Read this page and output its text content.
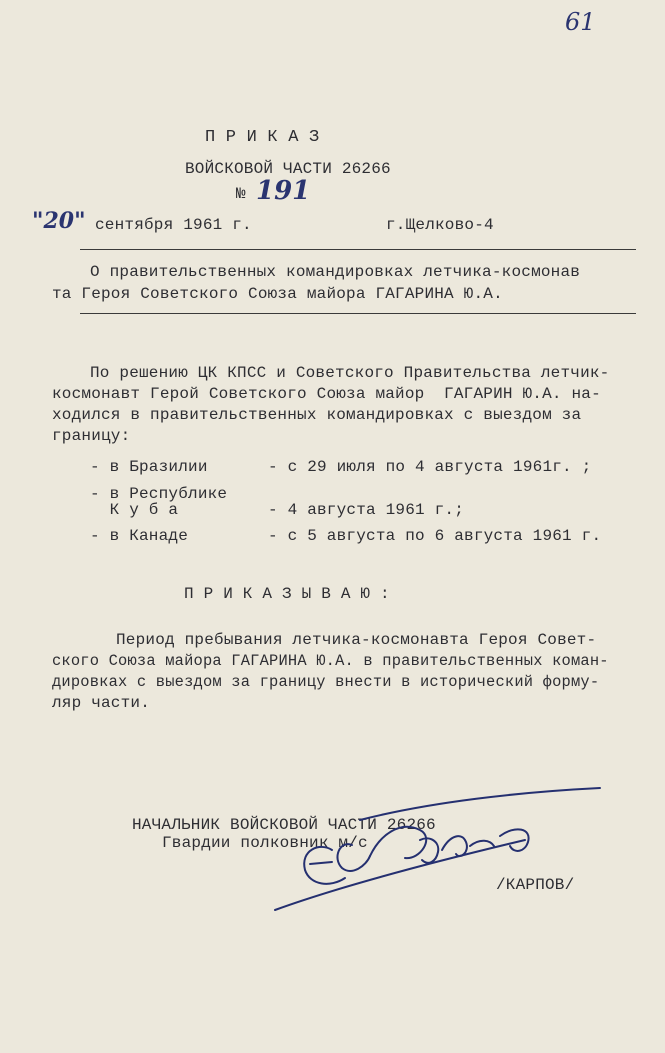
61
П Р И К А З
ВОЙСКОВОЙ ЧАСТИ 26266
№ 191
"20" сентября 1961 г.	г.Щелково-4
О правительственных командировках летчика-космонав
та Героя Советского Союза майора ГАГАРИНА Ю.А.
По решению ЦК КПСС и Советского Правительства летчик-
космонавт Герой Советского Союза майор  ГАГАРИН Ю.А. на-
ходился в правительственных командировках с выездом за
границу:
- в Бразилии	- с 29 июля по 4 августа 1961г. ;
- в Республике
К у б а	- 4 августа 1961 г.;
- в Канаде	- с 5 августа по 6 августа 1961 г.
П Р И К А З Ы В А Ю :
Период пребывания летчика-космонавта Героя Совет-
ского Союза майора ГАГАРИНА Ю.А. в правительственных коман-
дировках с выездом за границу внести в исторический форму-
ляр части.
НАЧАЛЬНИК ВОЙСКОВОЙ ЧАСТИ 26266
Гвардии полковник м/с
/КАРПОВ/
